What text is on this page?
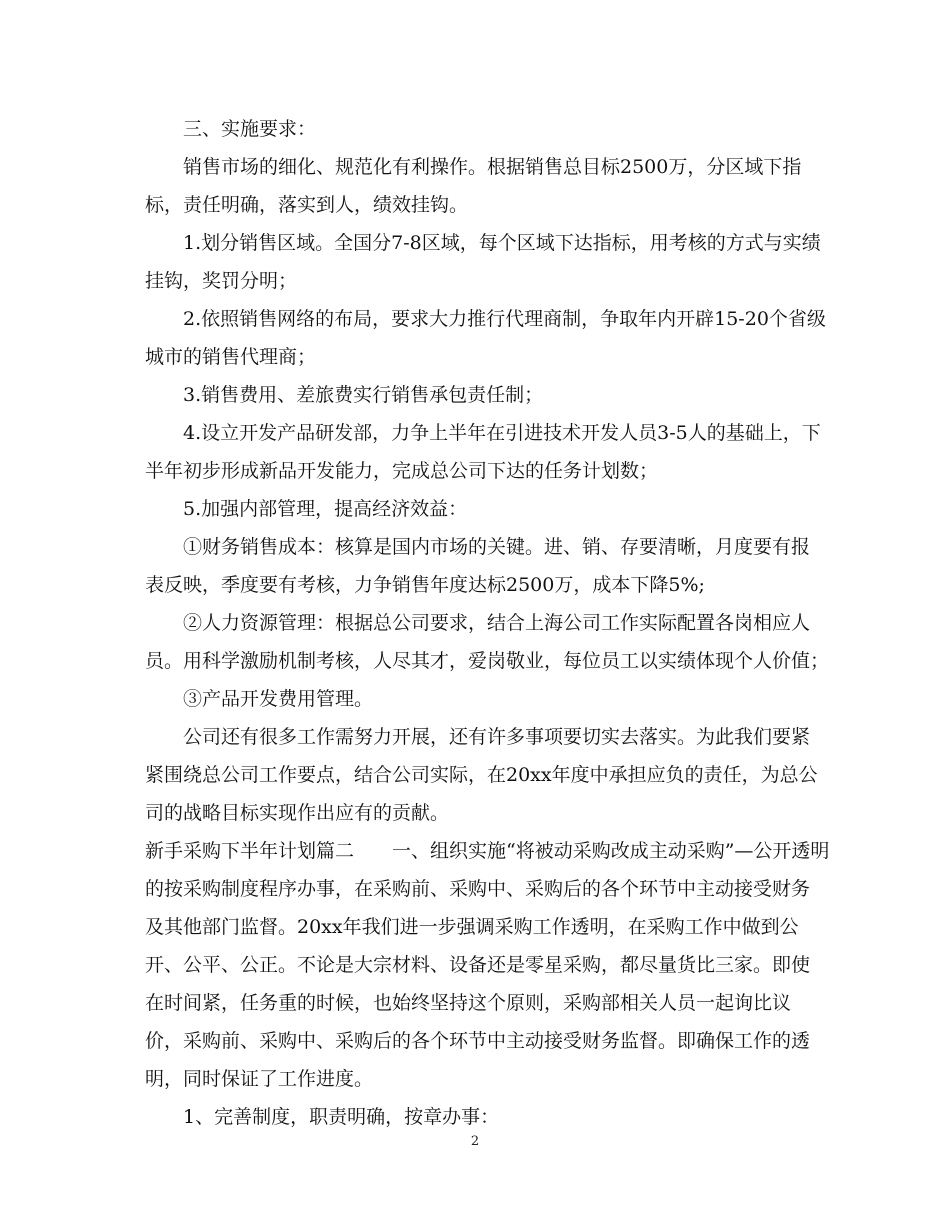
　　三、实施要求：
　　销售市场的细化、规范化有利操作。根据销售总目标2500万，分区域下指
标，责任明确，落实到人，绩效挂钩。
　　1.划分销售区域。全国分7-8区域，每个区域下达指标，用考核的方式与实绩
挂钩，奖罚分明；
　　2.依照销售网络的布局，要求大力推行代理商制，争取年内开辟15-20个省级
城市的销售代理商；
　　3.销售费用、差旅费实行销售承包责任制；
　　4.设立开发产品研发部，力争上半年在引进技术开发人员3-5人的基础上，下
半年初步形成新品开发能力，完成总公司下达的任务计划数；
　　5.加强内部管理，提高经济效益：
　　①财务销售成本：核算是国内市场的关键。进、销、存要清晰，月度要有报
表反映，季度要有考核，力争销售年度达标2500万，成本下降5%;
　　②人力资源管理：根据总公司要求，结合上海公司工作实际配置各岗相应人
员。用科学激励机制考核，人尽其才，爱岗敬业，每位员工以实绩体现个人价值；
　　③产品开发费用管理。
　　公司还有很多工作需努力开展，还有许多事项要切实去落实。为此我们要紧
紧围绕总公司工作要点，结合公司实际，在20xx年度中承担应负的责任，为总公
司的战略目标实现作出应有的贡献。
新手采购下半年计划篇二　　一、组织实施“将被动采购改成主动采购”—公开透明
的按采购制度程序办事，在采购前、采购中、采购后的各个环节中主动接受财务
及其他部门监督。20xx年我们进一步强调采购工作透明，在采购工作中做到公
开、公平、公正。不论是大宗材料、设备还是零星采购，都尽量货比三家。即使
在时间紧，任务重的时候，也始终坚持这个原则，采购部相关人员一起询比议
价，采购前、采购中、采购后的各个环节中主动接受财务监督。即确保工作的透
明，同时保证了工作进度。
　　1、完善制度，职责明确，按章办事：
2
